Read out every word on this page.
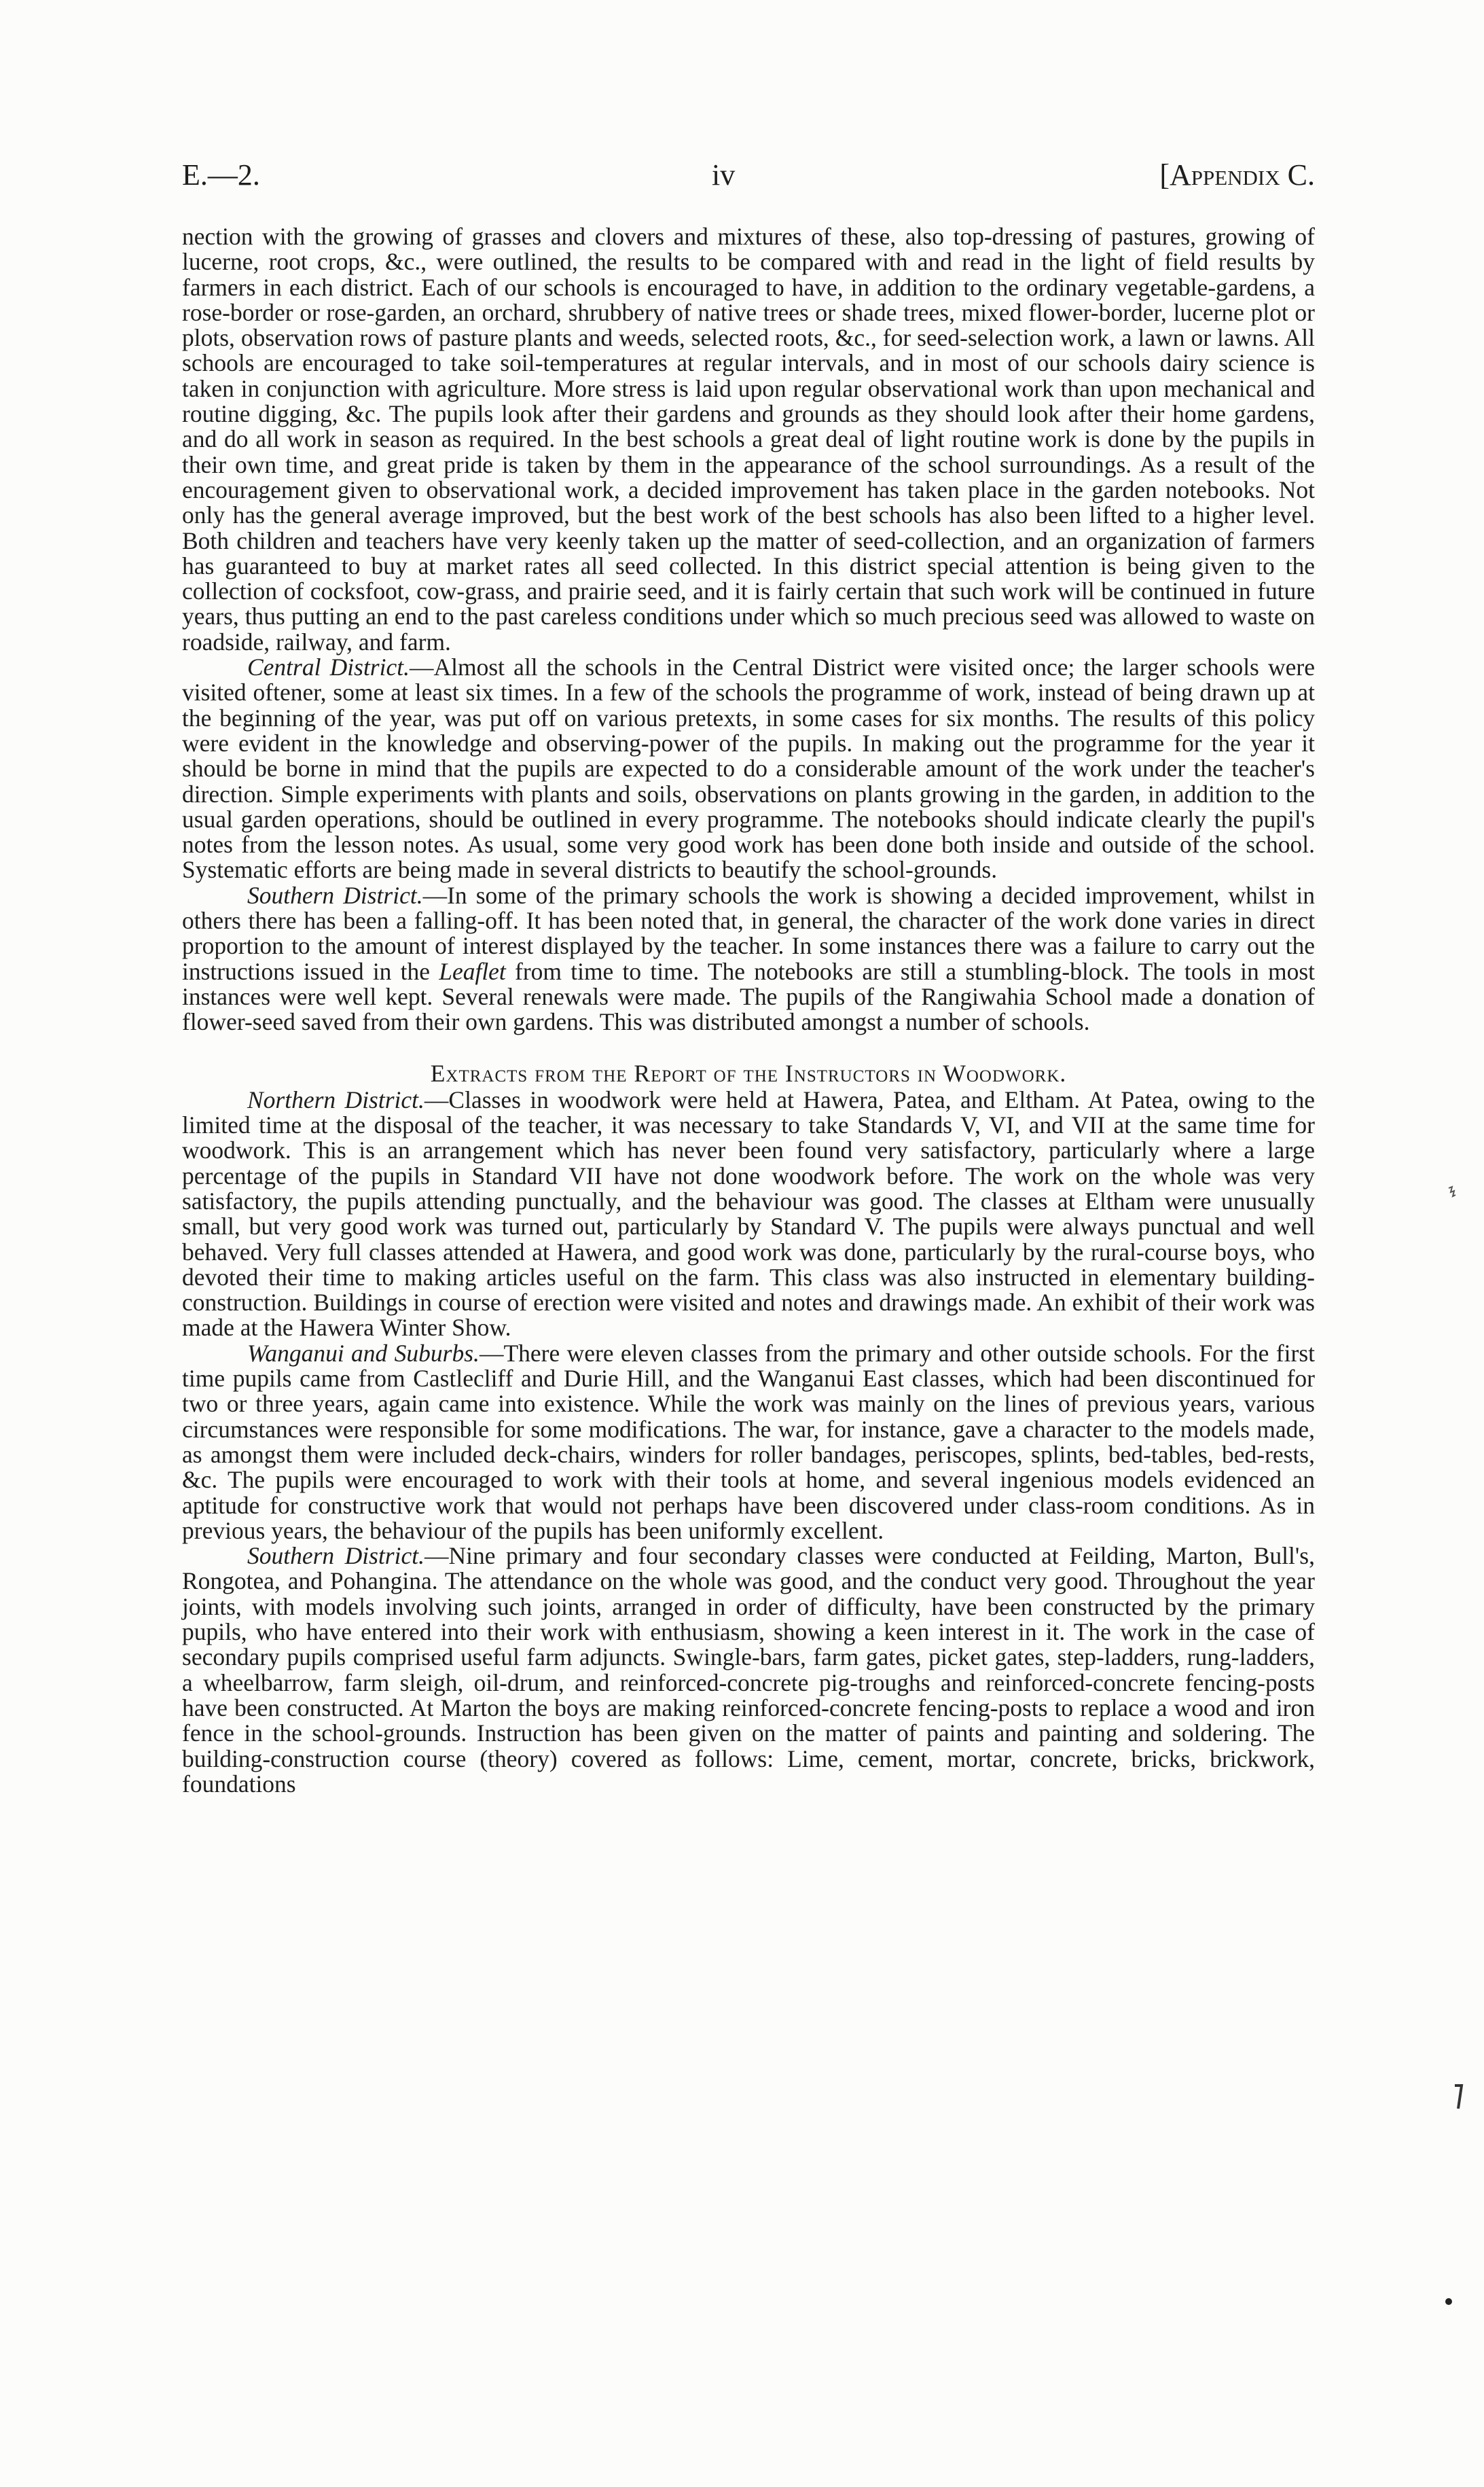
E.—2.	iv	[Appendix C.

nection with the growing of grasses and clovers and mixtures of these, also top-dressing of pastures, growing of lucerne, root crops, &c., were outlined, the results to be compared with and read in the light of field results by farmers in each district. Each of our schools is encouraged to have, in addition to the ordinary vegetable-gardens, a rose-border or rose-garden, an orchard, shrubbery of native trees or shade trees, mixed flower-border, lucerne plot or plots, observation rows of pasture plants and weeds, selected roots, &c., for seed-selection work, a lawn or lawns. All schools are encouraged to take soil-temperatures at regular intervals, and in most of our schools dairy science is taken in conjunction with agriculture. More stress is laid upon regular observational work than upon mechanical and routine digging, &c. The pupils look after their gardens and grounds as they should look after their home gardens, and do all work in season as required. In the best schools a great deal of light routine work is done by the pupils in their own time, and great pride is taken by them in the appearance of the school surroundings. As a result of the encouragement given to observational work, a decided improvement has taken place in the garden notebooks. Not only has the general average improved, but the best work of the best schools has also been lifted to a higher level. Both children and teachers have very keenly taken up the matter of seed-collection, and an organization of farmers has guaranteed to buy at market rates all seed collected. In this district special attention is being given to the collection of cocksfoot, cow-grass, and prairie seed, and it is fairly certain that such work will be continued in future years, thus putting an end to the past careless conditions under which so much precious seed was allowed to waste on roadside, railway, and farm.

Central District.—Almost all the schools in the Central District were visited once; the larger schools were visited oftener, some at least six times. In a few of the schools the programme of work, instead of being drawn up at the beginning of the year, was put off on various pretexts, in some cases for six months. The results of this policy were evident in the knowledge and observing-power of the pupils. In making out the programme for the year it should be borne in mind that the pupils are expected to do a considerable amount of the work under the teacher's direction. Simple experiments with plants and soils, observations on plants growing in the garden, in addition to the usual garden operations, should be outlined in every programme. The notebooks should indicate clearly the pupil's notes from the lesson notes. As usual, some very good work has been done both inside and outside of the school. Systematic efforts are being made in several districts to beautify the school-grounds.

Southern District.—In some of the primary schools the work is showing a decided improvement, whilst in others there has been a falling-off. It has been noted that, in general, the character of the work done varies in direct proportion to the amount of interest displayed by the teacher. In some instances there was a failure to carry out the instructions issued in the Leaflet from time to time. The notebooks are still a stumbling-block. The tools in most instances were well kept. Several renewals were made. The pupils of the Rangiwahia School made a donation of flower-seed saved from their own gardens. This was distributed amongst a number of schools.

Extracts from the Report of the Instructors in Woodwork.

Northern District.—Classes in woodwork were held at Hawera, Patea, and Eltham. At Patea, owing to the limited time at the disposal of the teacher, it was necessary to take Standards V, VI, and VII at the same time for woodwork. This is an arrangement which has never been found very satisfactory, particularly where a large percentage of the pupils in Standard VII have not done woodwork before. The work on the whole was very satisfactory, the pupils attending punctually, and the behaviour was good. The classes at Eltham were unusually small, but very good work was turned out, particularly by Standard V. The pupils were always punctual and well behaved. Very full classes attended at Hawera, and good work was done, particularly by the rural-course boys, who devoted their time to making articles useful on the farm. This class was also instructed in elementary building-construction. Buildings in course of erection were visited and notes and drawings made. An exhibit of their work was made at the Hawera Winter Show.

Wanganui and Suburbs.—There were eleven classes from the primary and other outside schools. For the first time pupils came from Castlecliff and Durie Hill, and the Wanganui East classes, which had been discontinued for two or three years, again came into existence. While the work was mainly on the lines of previous years, various circumstances were responsible for some modifications. The war, for instance, gave a character to the models made, as amongst them were included deck-chairs, winders for roller bandages, periscopes, splints, bed-tables, bed-rests, &c. The pupils were encouraged to work with their tools at home, and several ingenious models evidenced an aptitude for constructive work that would not perhaps have been discovered under class-room conditions. As in previous years, the behaviour of the pupils has been uniformly excellent.

Southern District.—Nine primary and four secondary classes were conducted at Feilding, Marton, Bull's, Rongotea, and Pohangina. The attendance on the whole was good, and the conduct very good. Throughout the year joints, with models involving such joints, arranged in order of difficulty, have been constructed by the primary pupils, who have entered into their work with enthusiasm, showing a keen interest in it. The work in the case of secondary pupils comprised useful farm adjuncts. Swingle-bars, farm gates, picket gates, step-ladders, rung-ladders, a wheelbarrow, farm sleigh, oil-drum, and reinforced-concrete pig-troughs and reinforced-concrete fencing-posts have been constructed. At Marton the boys are making reinforced-concrete fencing-posts to replace a wood and iron fence in the school-grounds. Instruction has been given on the matter of paints and painting and soldering. The building-construction course (theory) covered as follows: Lime, cement, mortar, concrete, bricks, brickwork, foundations
